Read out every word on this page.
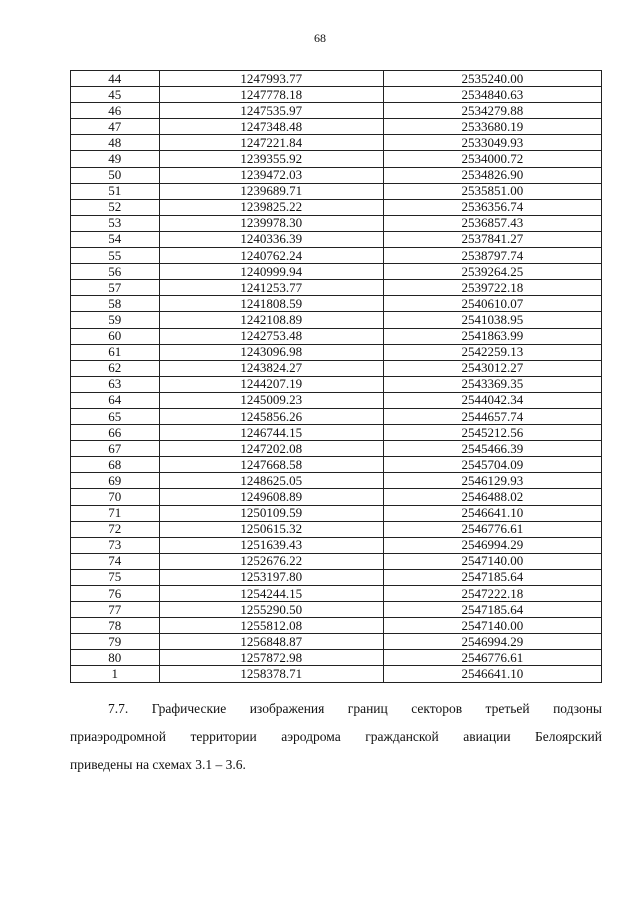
68
44	1247993.77	2535240.00
45	1247778.18	2534840.63
46	1247535.97	2534279.88
47	1247348.48	2533680.19
48	1247221.84	2533049.93
49	1239355.92	2534000.72
50	1239472.03	2534826.90
51	1239689.71	2535851.00
52	1239825.22	2536356.74
53	1239978.30	2536857.43
54	1240336.39	2537841.27
55	1240762.24	2538797.74
56	1240999.94	2539264.25
57	1241253.77	2539722.18
58	1241808.59	2540610.07
59	1242108.89	2541038.95
60	1242753.48	2541863.99
61	1243096.98	2542259.13
62	1243824.27	2543012.27
63	1244207.19	2543369.35
64	1245009.23	2544042.34
65	1245856.26	2544657.74
66	1246744.15	2545212.56
67	1247202.08	2545466.39
68	1247668.58	2545704.09
69	1248625.05	2546129.93
70	1249608.89	2546488.02
71	1250109.59	2546641.10
72	1250615.32	2546776.61
73	1251639.43	2546994.29
74	1252676.22	2547140.00
75	1253197.80	2547185.64
76	1254244.15	2547222.18
77	1255290.50	2547185.64
78	1255812.08	2547140.00
79	1256848.87	2546994.29
80	1257872.98	2546776.61
1	1258378.71	2546641.10
7.7. Графические изображения границ секторов третьей подзоны
приаэродромной территории аэродрома гражданской авиации Белоярский
приведены на схемах 3.1 – 3.6.
